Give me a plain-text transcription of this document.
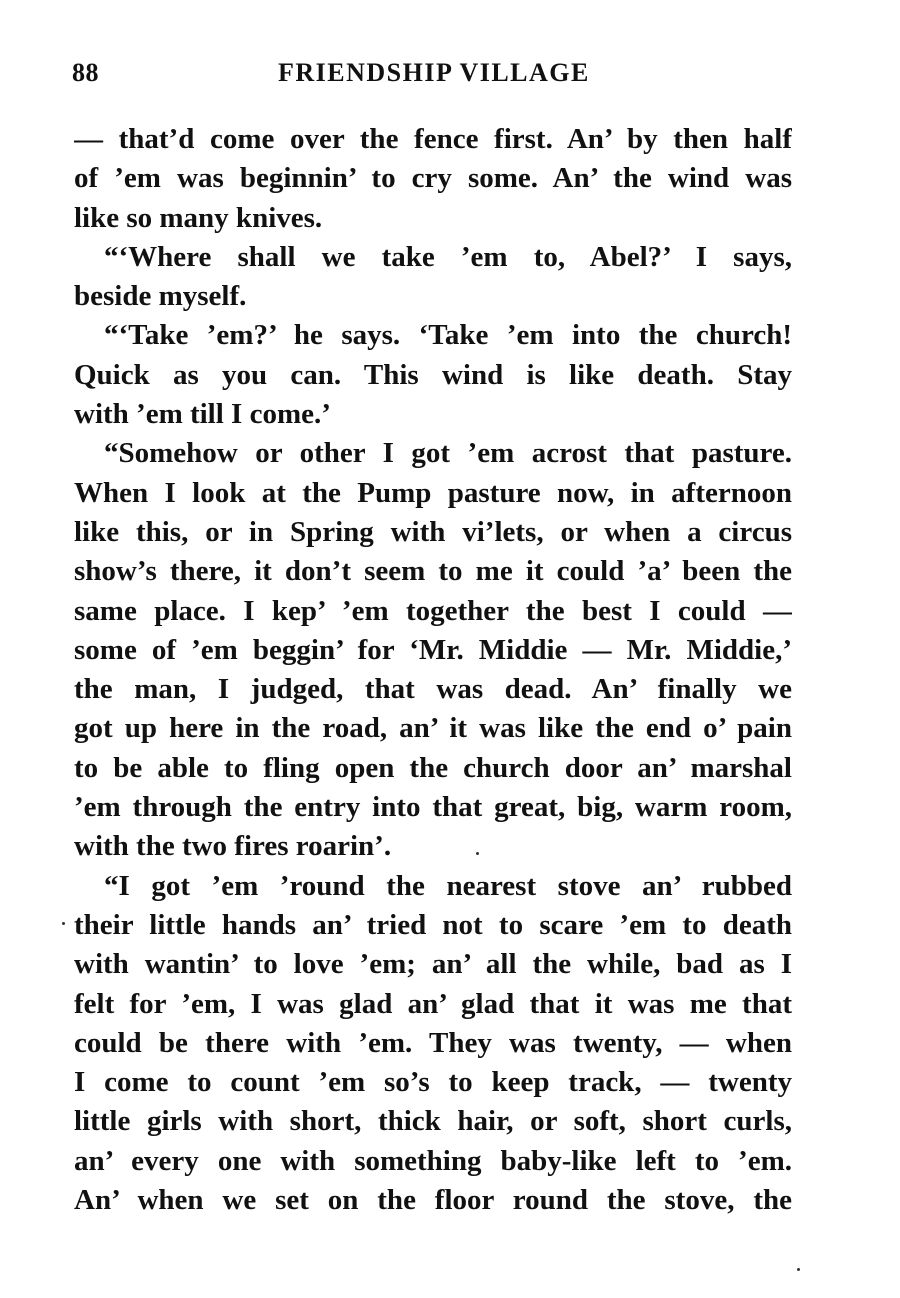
88	FRIENDSHIP VILLAGE
— that’d come over the fence first. An’ by then half
of ’em was beginnin’ to cry some. An’ the wind was
like so many knives.
“‘Where shall we take ’em to, Abel?’ I says,
beside myself.
“‘Take ’em?’ he says. ‘Take ’em into the church!
Quick as you can. This wind is like death. Stay
with ’em till I come.’
“Somehow or other I got ’em acrost that pasture.
When I look at the Pump pasture now, in afternoon
like this, or in Spring with vi’lets, or when a circus
show’s there, it don’t seem to me it could ’a’ been the
same place. I kep’ ’em together the best I could —
some of ’em beggin’ for ‘Mr. Middie — Mr. Middie,’
the man, I judged, that was dead. An’ finally we
got up here in the road, an’ it was like the end o’ pain
to be able to fling open the church door an’ marshal
’em through the entry into that great, big, warm room,
with the two fires roarin’.
“I got ’em ’round the nearest stove an’ rubbed
their little hands an’ tried not to scare ’em to death
with wantin’ to love ’em; an’ all the while, bad as I
felt for ’em, I was glad an’ glad that it was me that
could be there with ’em. They was twenty, — when
I come to count ’em so’s to keep track, — twenty
little girls with short, thick hair, or soft, short curls,
an’ every one with something baby-like left to ’em.
An’ when we set on the floor round the stove, the
